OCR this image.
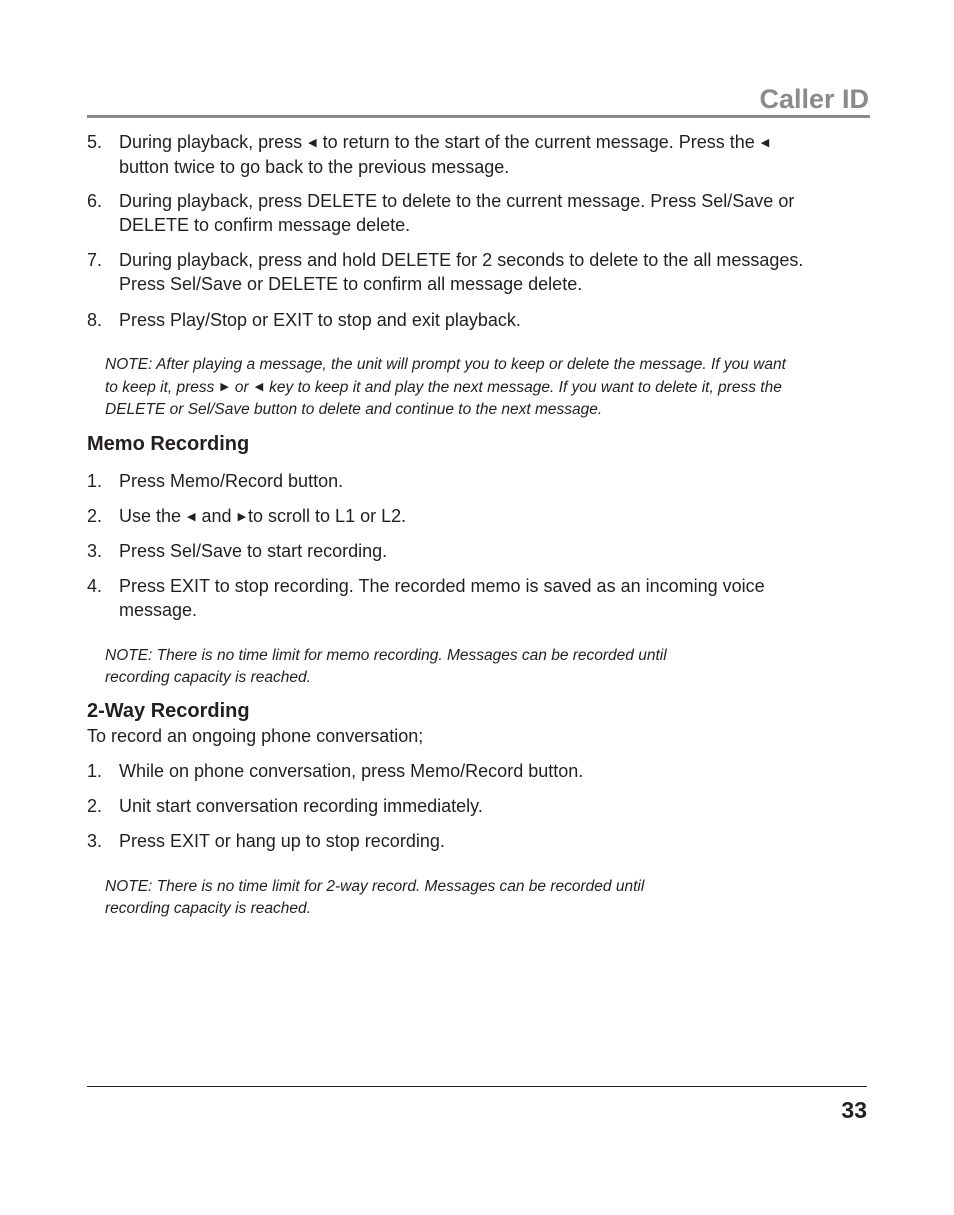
Caller ID
5. During playback, press ◀ to return to the start of the current message. Press the ◀
button twice to go back to the previous message.
6. During playback, press DELETE to delete to the current message. Press Sel/Save or
DELETE to confirm message delete.
7. During playback, press and hold DELETE for 2 seconds to delete to the all messages.
Press Sel/Save or DELETE to confirm all message delete.
8. Press Play/Stop or EXIT to stop and exit playback.
NOTE: After playing a message, the unit will prompt you to keep or delete the message. If you want
to keep it, press ▶ or ◀ key to keep it and play the next message. If you want to delete it, press the
DELETE or Sel/Save button to delete and continue to the next message.
Memo Recording
1. Press Memo/Record button.
2. Use the ◀ and ▶ to scroll to L1 or L2.
3. Press Sel/Save to start recording.
4. Press EXIT to stop recording. The recorded memo is saved as an incoming voice
message.
NOTE: There is no time limit for memo recording. Messages can be recorded until
recording capacity is reached.
2-Way Recording
To record an ongoing phone conversation;
1. While on phone conversation, press Memo/Record button.
2. Unit start conversation recording immediately.
3. Press EXIT or hang up to stop recording.
NOTE: There is no time limit for 2-way record. Messages can be recorded until
recording capacity is reached.
33
